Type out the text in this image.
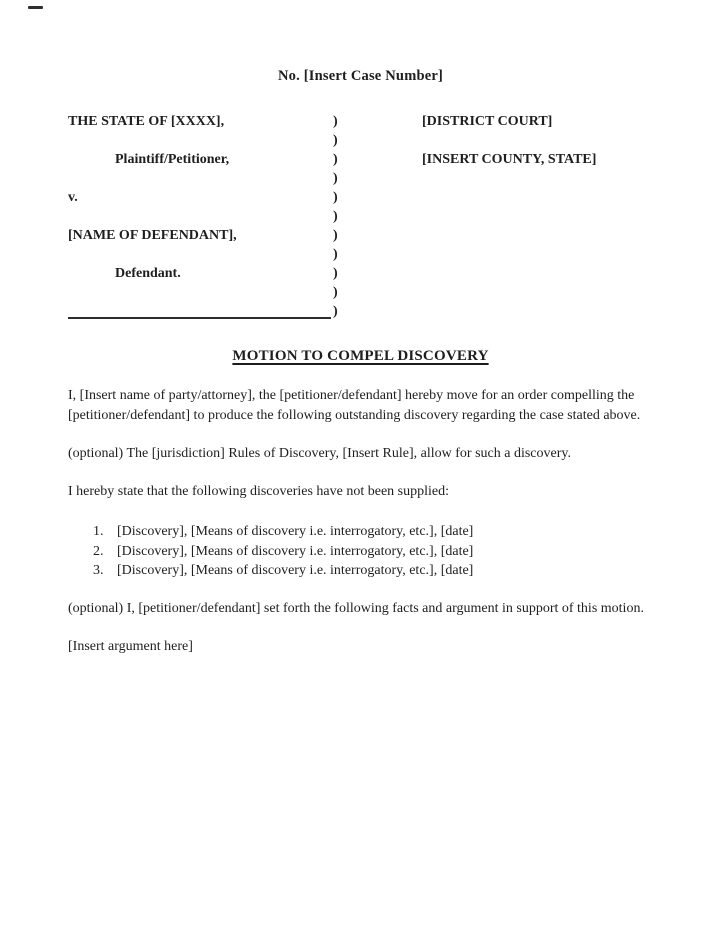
No. [Insert Case Number]
THE STATE OF [XXXX],	)	[DISTRICT COURT]
)
Plaintiff/Petitioner,	)	[INSERT COUNTY, STATE]
)
v.	)
)
[NAME OF DEFENDANT],	)
)
Defendant.	)
)
)
MOTION TO COMPEL DISCOVERY

I, [Insert name of party/attorney], the [petitioner/defendant] hereby move for an order compelling the [petitioner/defendant] to produce the following outstanding discovery regarding the case stated above.

(optional) The [jurisdiction] Rules of Discovery, [Insert Rule], allow for such a discovery.

I hereby state that the following discoveries have not been supplied:

1. [Discovery], [Means of discovery i.e. interrogatory, etc.], [date]
2. [Discovery], [Means of discovery i.e. interrogatory, etc.], [date]
3. [Discovery], [Means of discovery i.e. interrogatory, etc.], [date]

(optional) I, [petitioner/defendant] set forth the following facts and argument in support of this motion.

[Insert argument here]
